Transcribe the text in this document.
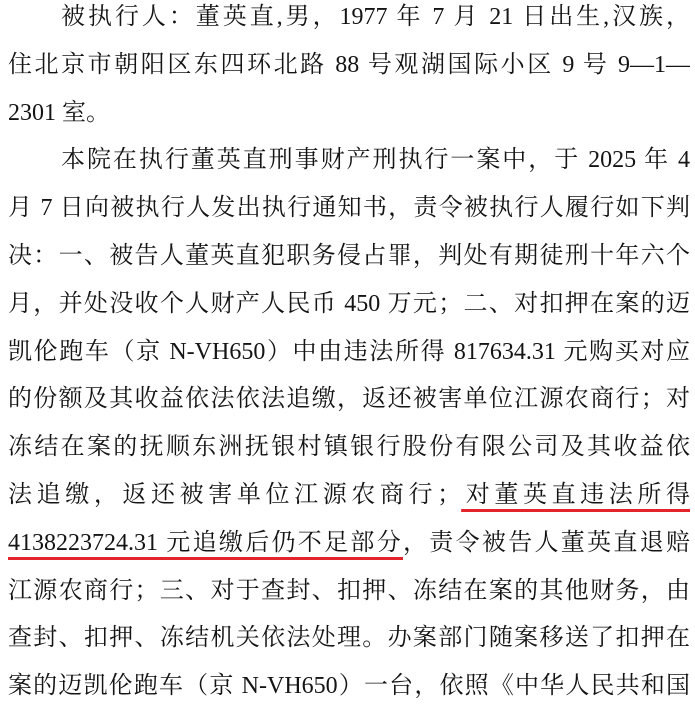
被执行人：董英直,男，1977 年 7 月 21 日出生,汉族，
住北京市朝阳区东四环北路 88 号观湖国际小区 9 号 9—1—
2301 室。
本院在执行董英直刑事财产刑执行一案中，于 2025 年 4
月 7 日向被执行人发出执行通知书，责令被执行人履行如下判
决：一、被告人董英直犯职务侵占罪，判处有期徒刑十年六个
月，并处没收个人财产人民币 450 万元；二、对扣押在案的迈
凯伦跑车（京 N-VH650）中由违法所得 817634.31 元购买对应
的份额及其收益依法依法追缴，返还被害单位江源农商行；对
冻结在案的抚顺东洲抚银村镇银行股份有限公司及其收益依
法追缴，返还被害单位江源农商行；对董英直违法所得
4138223724.31 元追缴后仍不足部分，责令被告人董英直退赔
江源农商行；三、对于查封、扣押、冻结在案的其他财务，由
查封、扣押、冻结机关依法处理。办案部门随案移送了扣押在
案的迈凯伦跑车（京 N-VH650）一台，依照《中华人民共和国
